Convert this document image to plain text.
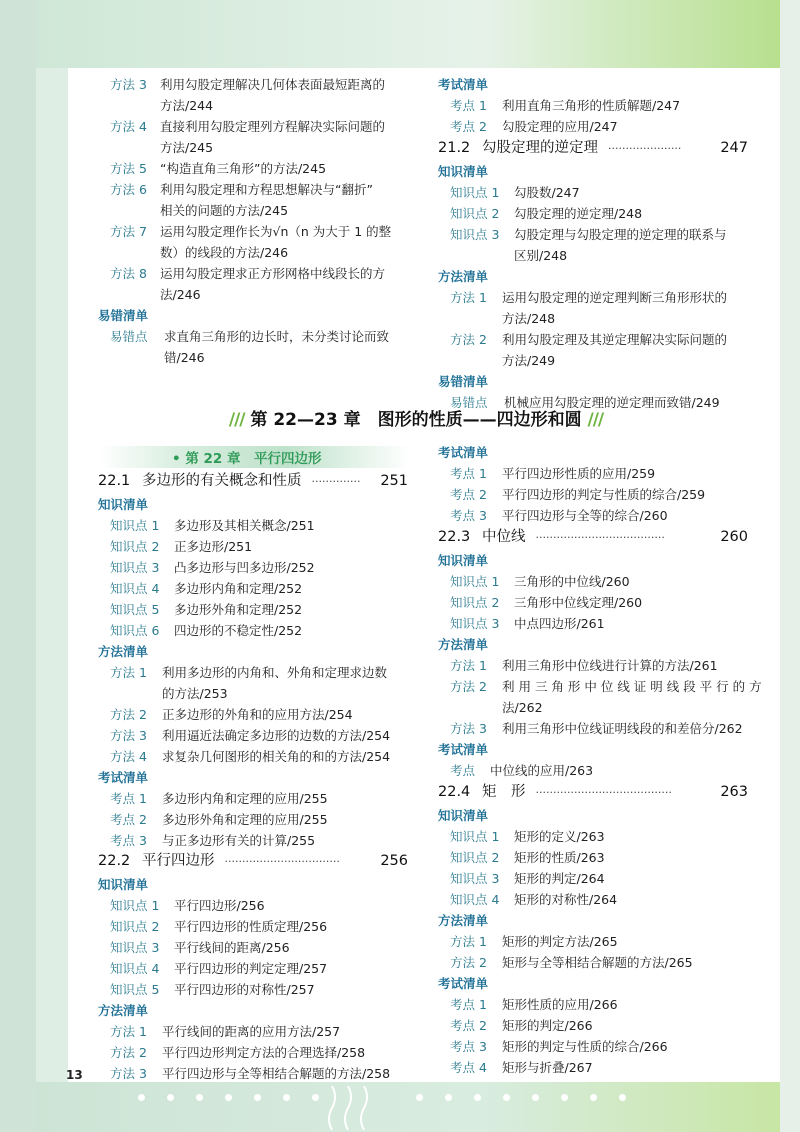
13
方法 3 利用勾股定理解决几何体表面最短距离的
方法/244
方法 4 直接利用勾股定理列方程解决实际问题的
方法/245
方法 5 “构造直角三角形”的方法/245
方法 6 利用勾股定理和方程思想解决与“翻折”
相关的问题的方法/245
方法 7 运用勾股定理作长为√n（n 为大于 1 的整
数）的线段的方法/246
方法 8 运用勾股定理求正方形网格中线段长的方
法/246
易错清单
易错点 求直角三角形的边长时，未分类讨论而致
错/246
考试清单
考点 1 利用直角三角形的性质解题/247
考点 2 勾股定理的应用/247
21.2 勾股定理的逆定理 ·····················	247
知识清单
知识点 1 勾股数/247
知识点 2 勾股定理的逆定理/248
知识点 3 勾股定理与勾股定理的逆定理的联系与
区别/248
方法清单
方法 1 运用勾股定理的逆定理判断三角形形状的
方法/248
方法 2 利用勾股定理及其逆定理解决实际问题的
方法/249
易错清单
易错点 机械应用勾股定理的逆定理而致错/249
22.1 多边形的有关概念和性质 ·············· 251
知识清单
知识点 1 多边形及其相关概念/251
知识点 2 正多边形/251
知识点 3 凸多边形与凹多边形/252
知识点 4 多边形内角和定理/252
知识点 5 多边形外角和定理/252
知识点 6 四边形的不稳定性/252
方法清单
方法 1 利用多边形的内角和、外角和定理求边数
的方法/253
方法 2 正多边形的外角和的应用方法/254
方法 3 利用逼近法确定多边形的边数的方法/254
方法 4 求复杂几何图形的相关角的和的方法/254
考试清单
考点 1 多边形内角和定理的应用/255
考点 2 多边形外角和定理的应用/255
考点 3 与正多边形有关的计算/255
22.2 平行四边形 ·································	256
知识清单
知识点 1 平行四边形/256
知识点 2 平行四边形的性质定理/256
知识点 3 平行线间的距离/256
知识点 4 平行四边形的判定定理/257
知识点 5 平行四边形的对称性/257
方法清单
方法 1 平行线间的距离的应用方法/257
方法 2 平行四边形判定方法的合理选择/258
方法 3 平行四边形与全等相结合解题的方法/258
考试清单
考点 1 平行四边形性质的应用/259
考点 2 平行四边形的判定与性质的综合/259
考点 3 平行四边形与全等的综合/260
22.3 中位线 ·····································	260
知识清单
知识点 1 三角形的中位线/260
知识点 2 三角形中位线定理/260
知识点 3 中点四边形/261
方法清单
方法 1 利用三角形中位线进行计算的方法/261
方法 2 利 用 三 角 形 中 位 线 证 明 线 段 平 行 的 方
法/262
方法 3 利用三角形中位线证明线段的和差倍分/262
考试清单
考点 中位线的应用/263
22.4 矩　形 ·······································	263
知识清单
知识点 1 矩形的定义/263
知识点 2 矩形的性质/263
知识点 3 矩形的判定/264
知识点 4 矩形的对称性/264
方法清单
方法 1 矩形的判定方法/265
方法 2 矩形与全等相结合解题的方法/265
考试清单
考点 1 矩形性质的应用/266
考点 2 矩形的判定/266
考点 3 矩形的判定与性质的综合/266
考点 4 矩形与折叠/267
/// 第 22—23 章　图形的性质——四边形和圆 ///
• 第 22 章　平行四边形
